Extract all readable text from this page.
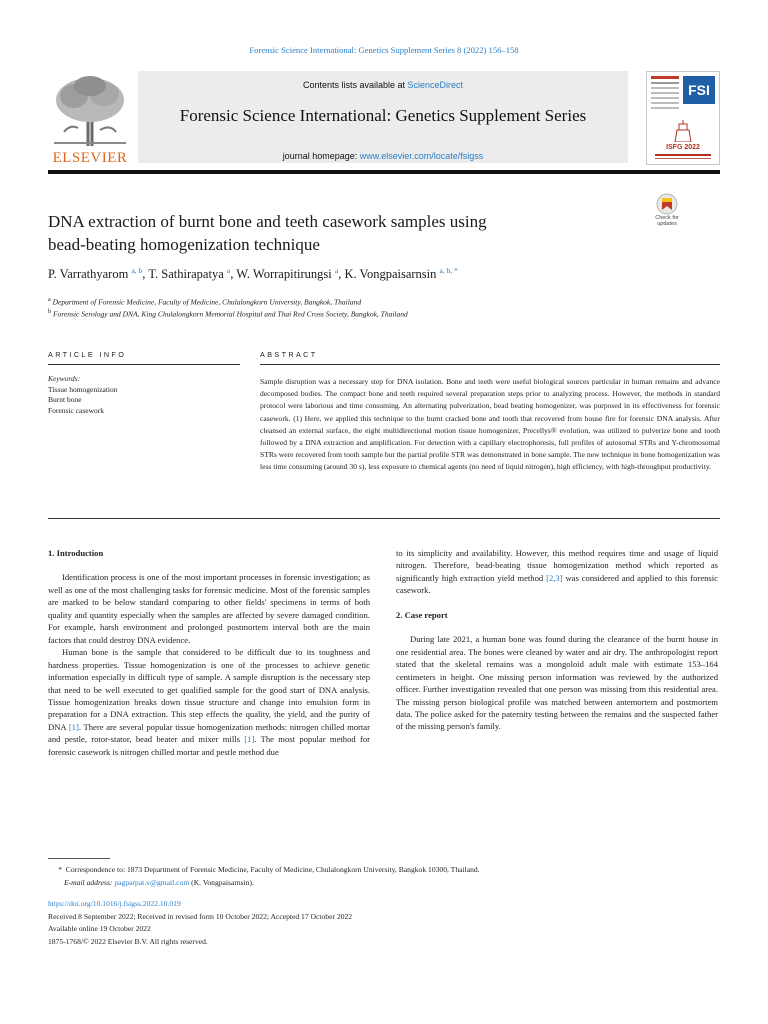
Forensic Science International: Genetics Supplement Series 8 (2022) 156–158
ELSEVIER
Contents lists available at ScienceDirect
Forensic Science International: Genetics Supplement Series
journal homepage: www.elsevier.com/locate/fsigss
FSI
ISFG 2022
Check for
updates
DNA extraction of burnt bone and teeth casework samples using
bead-beating homogenization technique
P. Varrathyarom $^{a, b}$, T. Sathirapatya $^a$, W. Worrapitirungsi $^a$, K. Vongpaisarnsin $^{a, b, *}$
$^a$ Department of Forensic Medicine, Faculty of Medicine, Chulalongkorn University, Bangkok, Thailand
$^b$ Forensic Serology and DNA, King Chulalongkorn Memorial Hospital and Thai Red Cross Society, Bangkok, Thailand
ARTICLE INFO	ABSTRACT
Keywords:
Tissue homogenization
Burnt bone
Forensic casework
Sample disruption was a necessary step for DNA isolation. Bone and teeth were useful biological sources particular in human remains and advance decomposed bodies. The compact bone and teeth required several preparation steps prior to analyzing process. However, the methods in standard protocol were laborious and time consuming. An alternating pulverization, bead beating homogenizer, was purposed in its effectiveness for forensic casework. (1) Here, we applied this technique to the burnt cracked bone and tooth that recovered from house fire for forensic DNA analysis. After cleansed an external surface, the eight multidirectional motion tissue homogenizer, Precellys® evolution, was utilized to pulverize bone and tooth followed by a DNA extraction and amplification. For detection with a capillary electrophoresis, full profiles of autosomal STRs and Y-chromosomal STRs were recovered from tooth sample but the partial profile STR was demonstrated in bone sample. The new technique in bone homogenization was less time consuming (around 30 s), less exposure to chemical agents (no need of liquid nitrogen), high efficiency, with high-throughput productivity.
1. Introduction

Identification process is one of the most important processes in forensic investigation; as well as one of the most challenging tasks for forensic medicine. Most of the forensic samples are marked to be below standard comparing to other fields' specimens in terms of both quality and quantity especially when the samples are affected by severe damaged condition. For example, harsh environment and prolonged postmortem interval both are the main factors that could destroy DNA evidence.

Human bone is the sample that considered to be difficult due to its toughness and hardness properties. Tissue homogenization is one of the processes to achieve genetic information especially in difficult type of sample. A sample disruption is the necessary step that need to be well executed to get qualified sample for the good start of DNA analysis. Tissue homogenization breaks down tissue structure and change into emulsion form in preparation for a DNA extraction. This step effects the quality, the yield, and the purity of DNA [1]. There are several popular tissue homogenization methods: nitrogen chilled mortar and pestle, rotor-stator, bead beater and mixer mills [1]. The most popular method for forensic casework is nitrogen chilled mortar and pestle method due

to its simplicity and availability. However, this method requires time and usage of liquid nitrogen. Therefore, bead-beating tissue homogenization method which reported as significantly high extraction yield method [2,3] was considered and applied to this forensic casework.

2. Case report

During late 2021, a human bone was found during the clearance of the burnt house in one residential area. The bones were cleaned by water and air dry. The anthropologist report stated that the skeletal remains was a mongoloid adult male with estimate 153–164 centimeters in height. One missing person information was reviewed by the authorized officer. Further investigation revealed that one person was missing from this residential area. The missing person biological profile was matched between antemortem and postmortem data. The police asked for the paternity testing between the remains and the suspected father of the missing person's family.

* Correspondence to: 1873 Department of Forensic Medicine, Faculty of Medicine, Chulalongkorn University, Bangkok 10300, Thailand.
E-mail address: pagparpat.v@gmail.com (K. Vongpaisarnsin).
https://doi.org/10.1016/j.fsigss.2022.10.019
Received 8 September 2022; Received in revised form 10 October 2022; Accepted 17 October 2022
Available online 19 October 2022
1875-1768/© 2022 Elsevier B.V. All rights reserved.
